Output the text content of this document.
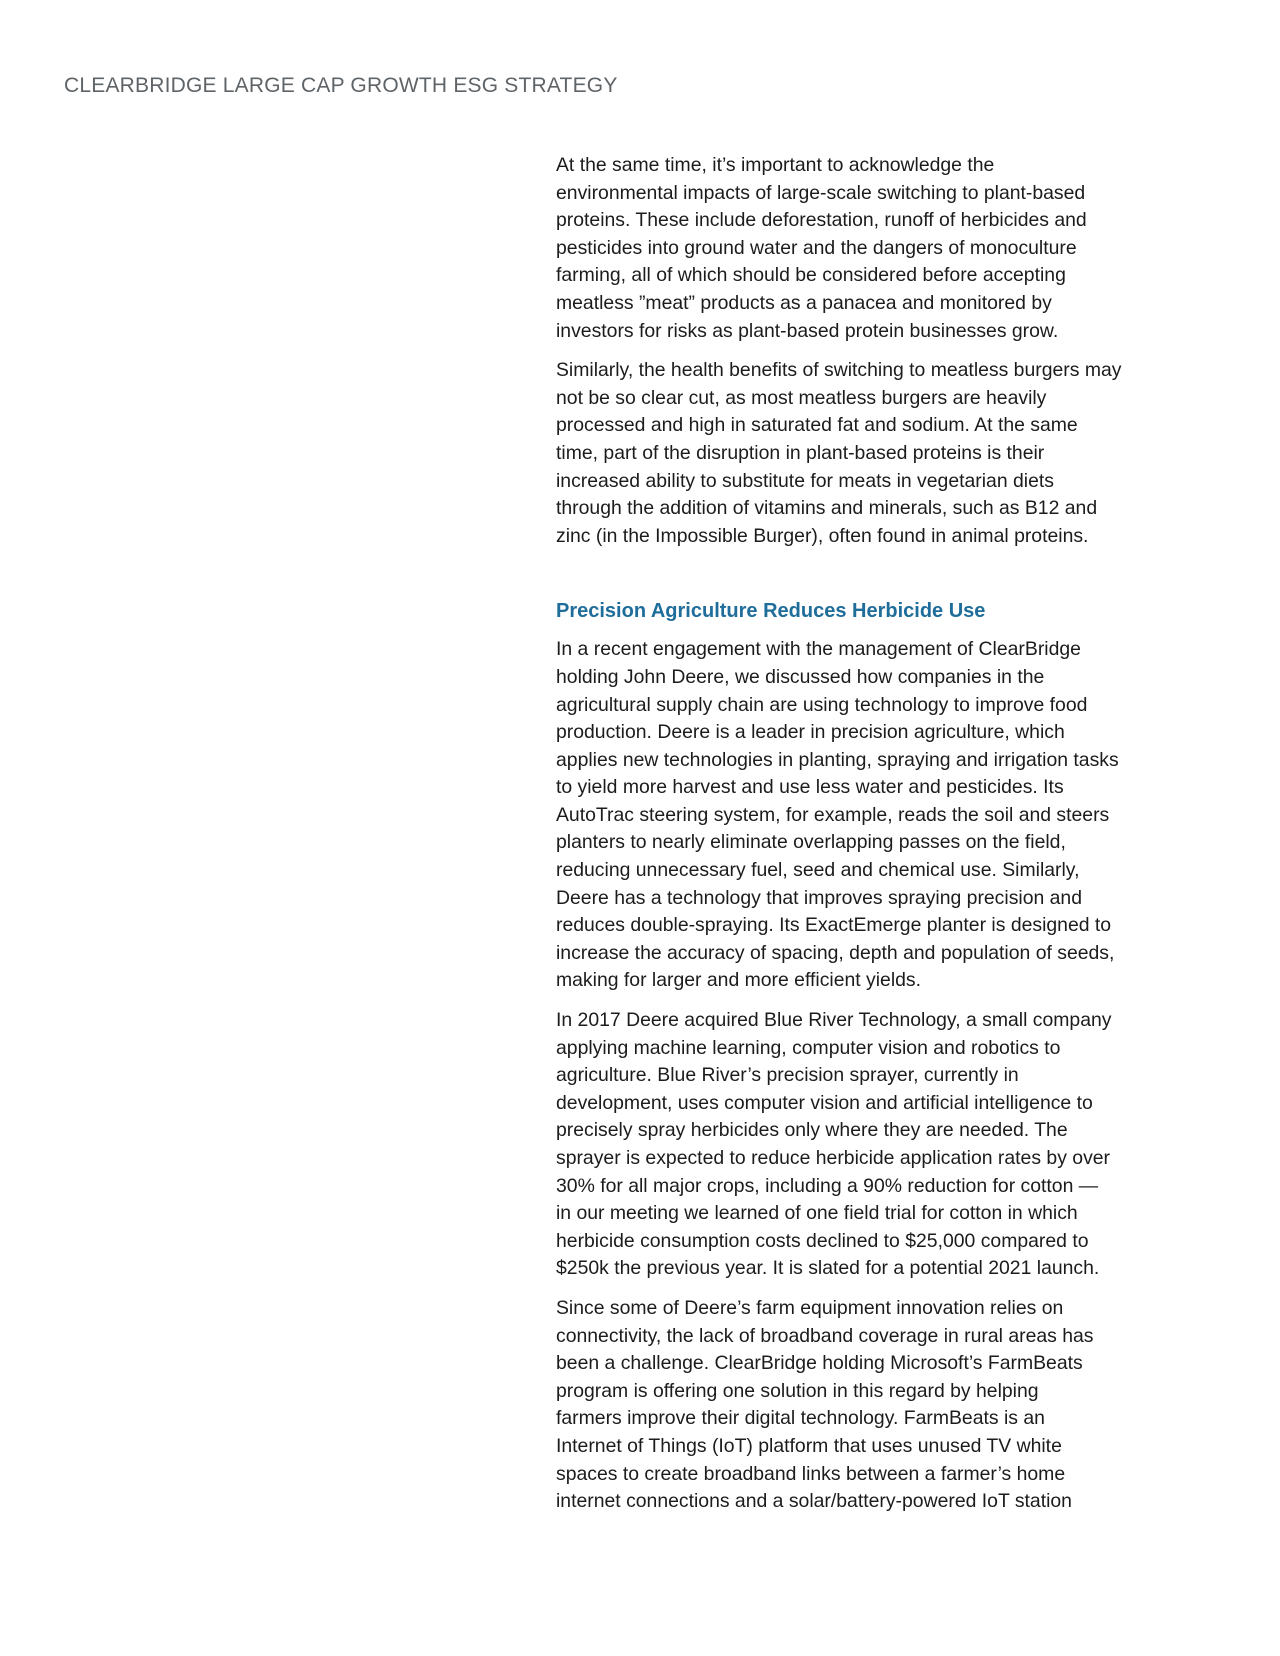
CLEARBRIDGE LARGE CAP GROWTH ESG STRATEGY

At the same time, it’s important to acknowledge the
environmental impacts of large-scale switching to plant-based
proteins. These include deforestation, runoff of herbicides and
pesticides into ground water and the dangers of monoculture
farming, all of which should be considered before accepting
meatless ”meat” products as a panacea and monitored by
investors for risks as plant-based protein businesses grow.

Similarly, the health benefits of switching to meatless burgers may
not be so clear cut, as most meatless burgers are heavily
processed and high in saturated fat and sodium. At the same
time, part of the disruption in plant-based proteins is their
increased ability to substitute for meats in vegetarian diets
through the addition of vitamins and minerals, such as B12 and
zinc (in the Impossible Burger), often found in animal proteins.

Precision Agriculture Reduces Herbicide Use

In a recent engagement with the management of ClearBridge
holding John Deere, we discussed how companies in the
agricultural supply chain are using technology to improve food
production. Deere is a leader in precision agriculture, which
applies new technologies in planting, spraying and irrigation tasks
to yield more harvest and use less water and pesticides. Its
AutoTrac steering system, for example, reads the soil and steers
planters to nearly eliminate overlapping passes on the field,
reducing unnecessary fuel, seed and chemical use. Similarly,
Deere has a technology that improves spraying precision and
reduces double-spraying. Its ExactEmerge planter is designed to
increase the accuracy of spacing, depth and population of seeds,
making for larger and more efficient yields.

In 2017 Deere acquired Blue River Technology, a small company
applying machine learning, computer vision and robotics to
agriculture. Blue River’s precision sprayer, currently in
development, uses computer vision and artificial intelligence to
precisely spray herbicides only where they are needed. The
sprayer is expected to reduce herbicide application rates by over
30% for all major crops, including a 90% reduction for cotton —
in our meeting we learned of one field trial for cotton in which
herbicide consumption costs declined to $25,000 compared to
$250k the previous year. It is slated for a potential 2021 launch.

Since some of Deere’s farm equipment innovation relies on
connectivity, the lack of broadband coverage in rural areas has
been a challenge. ClearBridge holding Microsoft’s FarmBeats
program is offering one solution in this regard by helping
farmers improve their digital technology. FarmBeats is an
Internet of Things (IoT) platform that uses unused TV white
spaces to create broadband links between a farmer’s home
internet connections and a solar/battery-powered IoT station
